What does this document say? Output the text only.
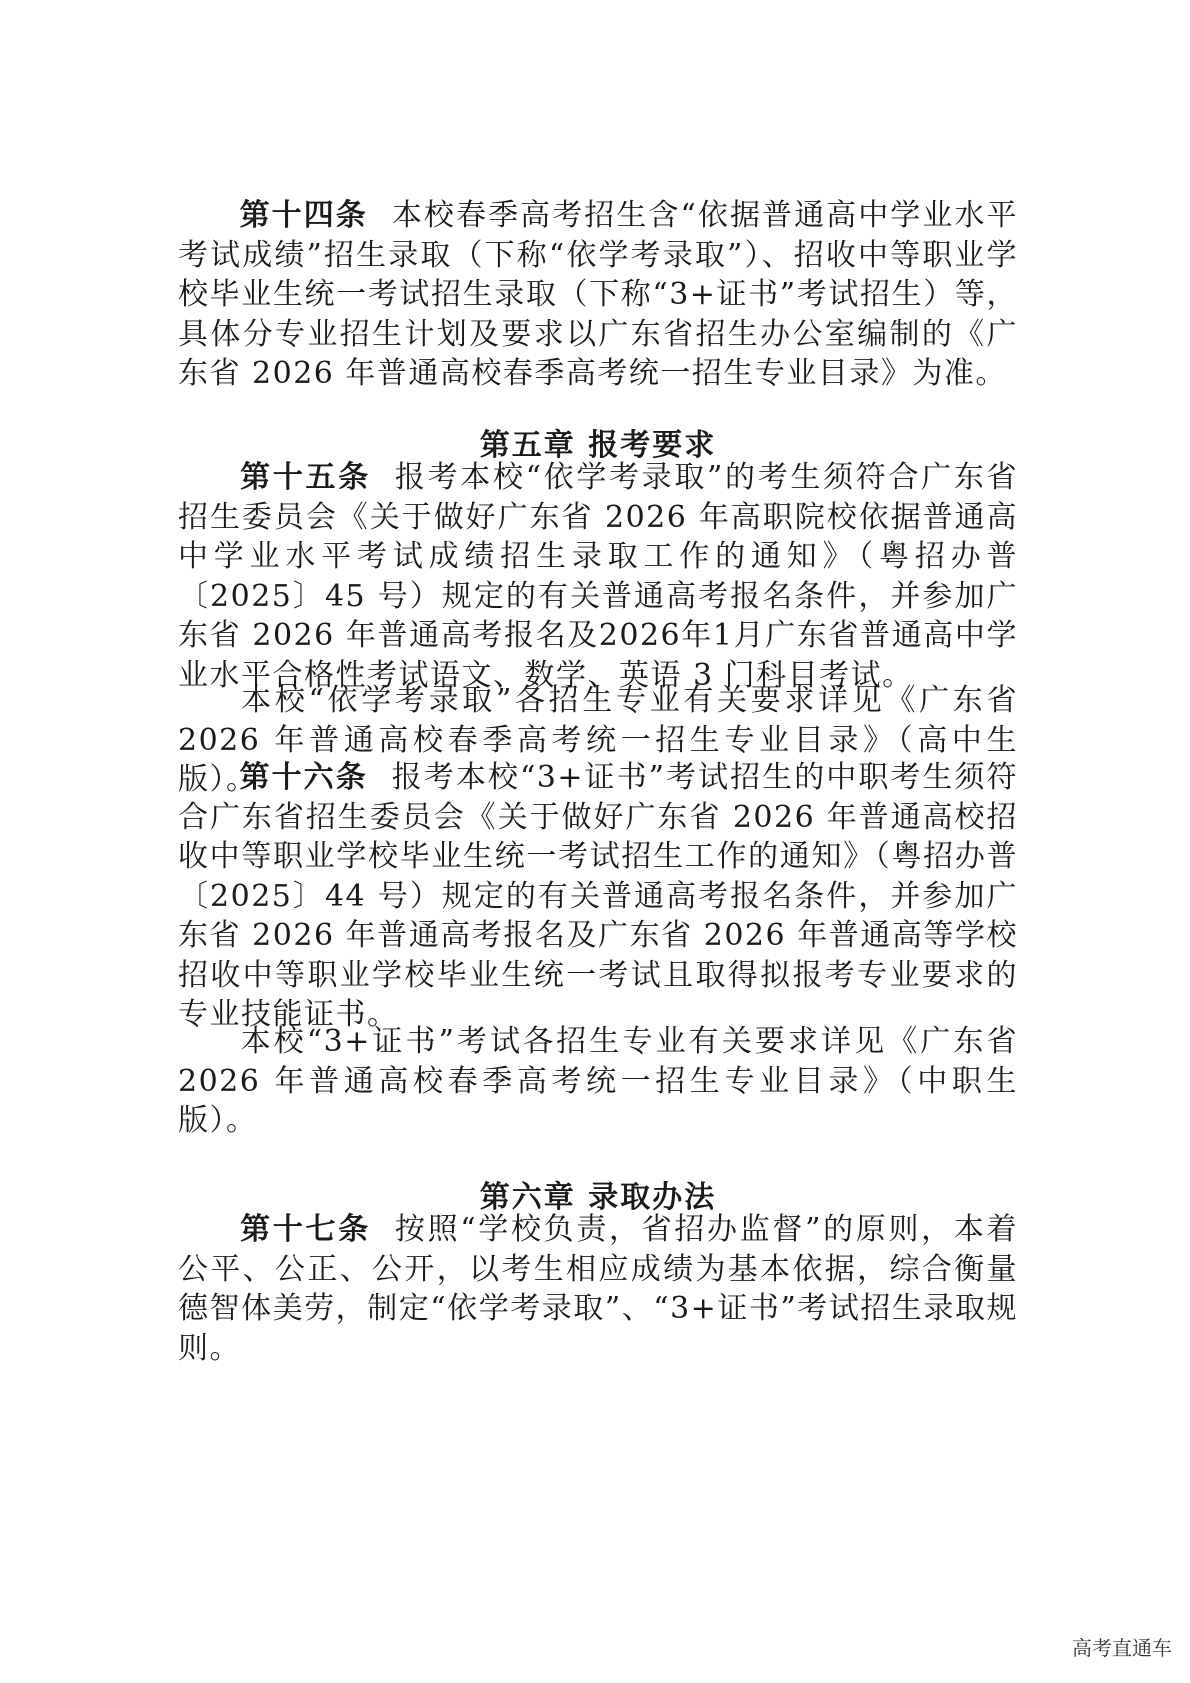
第十四条 本校春季高考招生含“依据普通高中学业水平考试成绩”招生录取（下称“依学考录取”）、招收中等职业学校毕业生统一考试招生录取（下称“3+证书”考试招生）等，具体分专业招生计划及要求以广东省招生办公室编制的《广东省 2026 年普通高校春季高考统一招生专业目录》为准。

第五章 报考要求

第十五条 报考本校“依学考录取”的考生须符合广东省招生委员会《关于做好广东省 2026 年高职院校依据普通高中学业水平考试成绩招生录取工作的通知》（粤招办普〔2025〕45 号）规定的有关普通高考报名条件，并参加广东省 2026 年普通高考报名及2026年1月广东省普通高中学业水平合格性考试语文、数学、英语 3 门科目考试。

本校“依学考录取”各招生专业有关要求详见《广东省 2026 年普通高校春季高考统一招生专业目录》（高中生版）。

第十六条 报考本校“3+证书”考试招生的中职考生须符合广东省招生委员会《关于做好广东省 2026 年普通高校招收中等职业学校毕业生统一考试招生工作的通知》（粤招办普〔2025〕44 号）规定的有关普通高考报名条件，并参加广东省 2026 年普通高考报名及广东省 2026 年普通高等学校招收中等职业学校毕业生统一考试且取得拟报考专业要求的专业技能证书。

本校“3+证书”考试各招生专业有关要求详见《广东省 2026 年普通高校春季高考统一招生专业目录》（中职生版）。

第六章 录取办法

第十七条 按照“学校负责，省招办监督”的原则，本着公平、公正、公开，以考生相应成绩为基本依据，综合衡量德智体美劳，制定“依学考录取”、“3+证书”考试招生录取规则。

高考直通车
